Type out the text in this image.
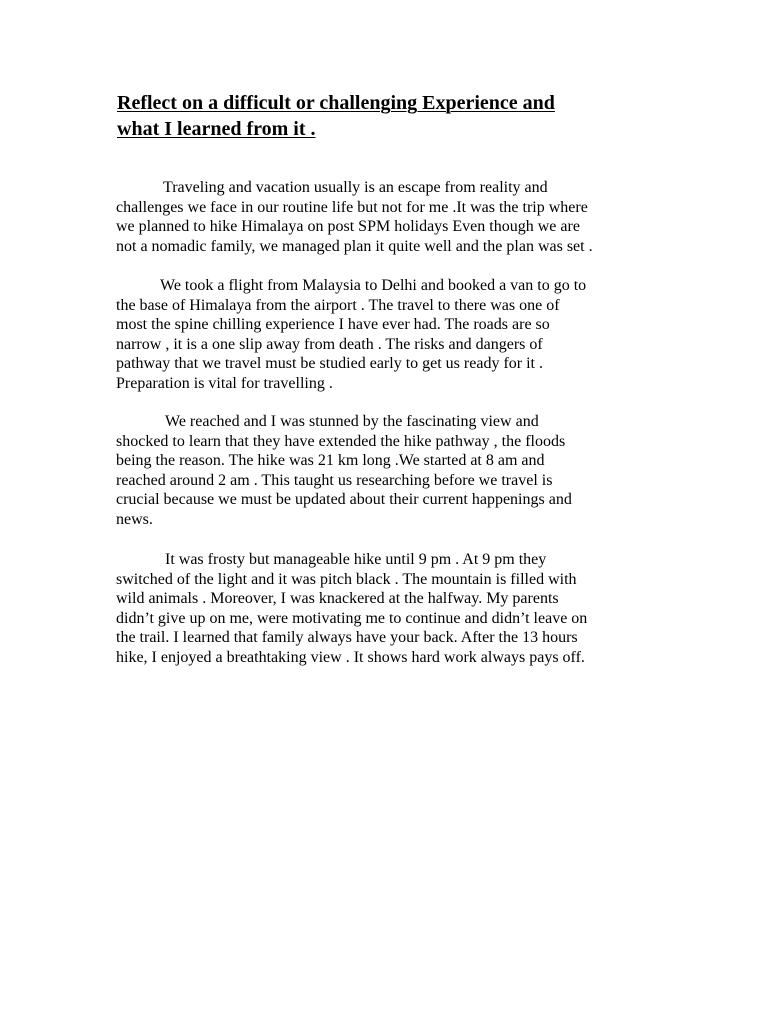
Reflect on a difficult or challenging Experience and
what I learned from it .

Traveling and vacation usually is an escape from reality and
challenges we face in our routine life but not for me .It was the trip where
we planned to hike Himalaya on post SPM holidays Even though we are
not a nomadic family, we managed plan it quite well and the plan was set .

We took a flight from Malaysia to Delhi and booked a van to go to
the base of Himalaya from the airport . The travel to there was one of
most the spine chilling experience I have ever had. The roads are so
narrow , it is a one slip away from death . The risks and dangers of
pathway that we travel must be studied early to get us ready for it .
Preparation is vital for travelling .

We reached and I was stunned by the fascinating view and
shocked to learn that they have extended the hike pathway , the floods
being the reason. The hike was 21 km long .We started at 8 am and
reached around 2 am . This taught us researching before we travel is
crucial because we must be updated about their current happenings and
news.

It was frosty but manageable hike until 9 pm . At 9 pm they
switched of the light and it was pitch black . The mountain is filled with
wild animals . Moreover, I was knackered at the halfway. My parents
didn’t give up on me, were motivating me to continue and didn’t leave on
the trail. I learned that family always have your back. After the 13 hours
hike, I enjoyed a breathtaking view . It shows hard work always pays off.
